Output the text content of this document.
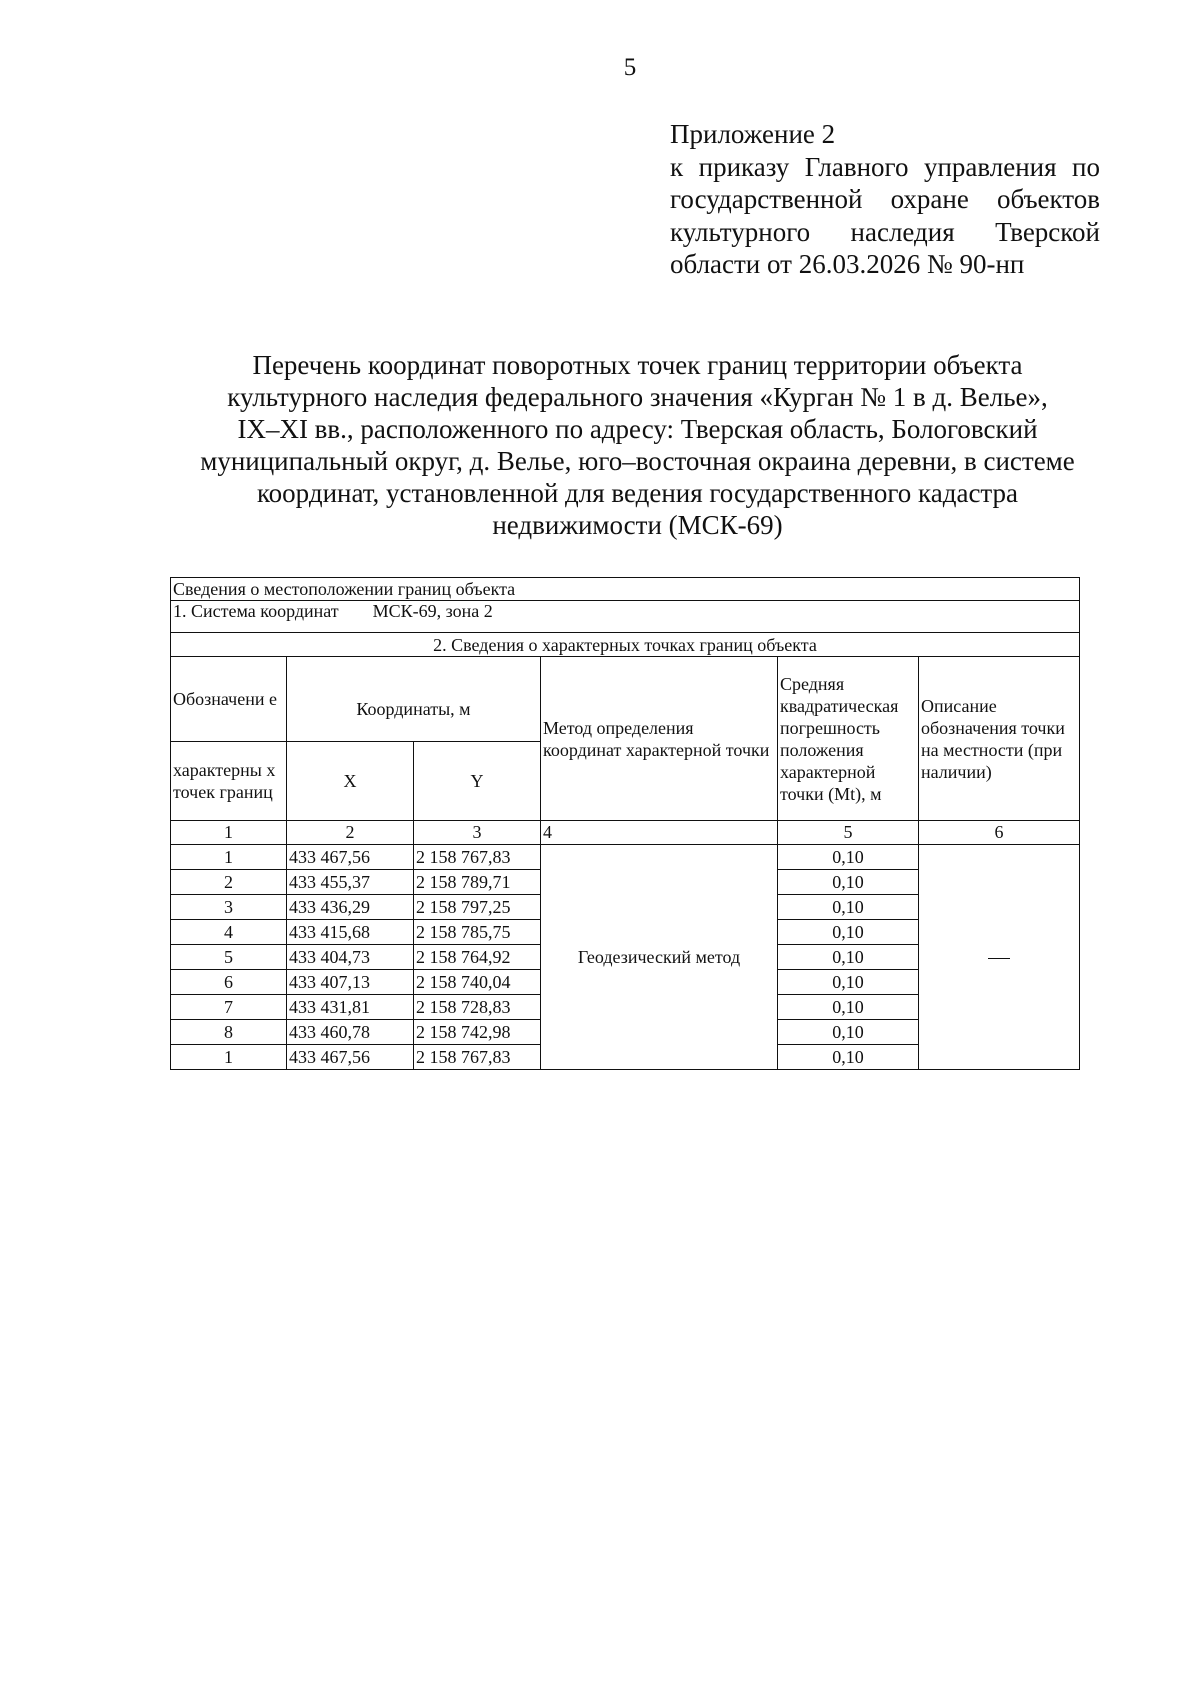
5
Приложение 2
к приказу Главного управления по
государственной охране объектов
культурного наследия Тверской
области от 26.03.2026 № 90-нп
Перечень координат поворотных точек границ территории объекта
культурного наследия федерального значения «Курган № 1 в д. Велье»,
IX–XI вв., расположенного по адресу: Тверская область, Бологовский
муниципальный округ, д. Велье, юго–восточная окраина деревни, в системе
координат, установленной для ведения государственного кадастра
недвижимости (МСК-69)
Сведения о местоположении границ объекта					
1. Система координат МСК-69, зона 2					
2. Сведения о характерных точках границ объекта					
Обозначени е	Координаты, м		Метод определения координат характерной точки	Средняя квадратическая погрешность положения характерной точки (Mt), м	Описание обозначения точки на местности (при наличии)
характерны х точек границ	X	Y			
1	2	3	4	5	6
1	433 467,56	2 158 767,83	Геодезический метод	0,10	

2	433 455,37	2 158 789,71		0,10	
3	433 436,29	2 158 797,25		0,10	
4	433 415,68	2 158 785,75		0,10	
5	433 404,73	2 158 764,92		0,10	
6	433 407,13	2 158 740,04		0,10	
7	433 431,81	2 158 728,83		0,10	
8	433 460,78	2 158 742,98		0,10	
1	433 467,56	2 158 767,83		0,10	
